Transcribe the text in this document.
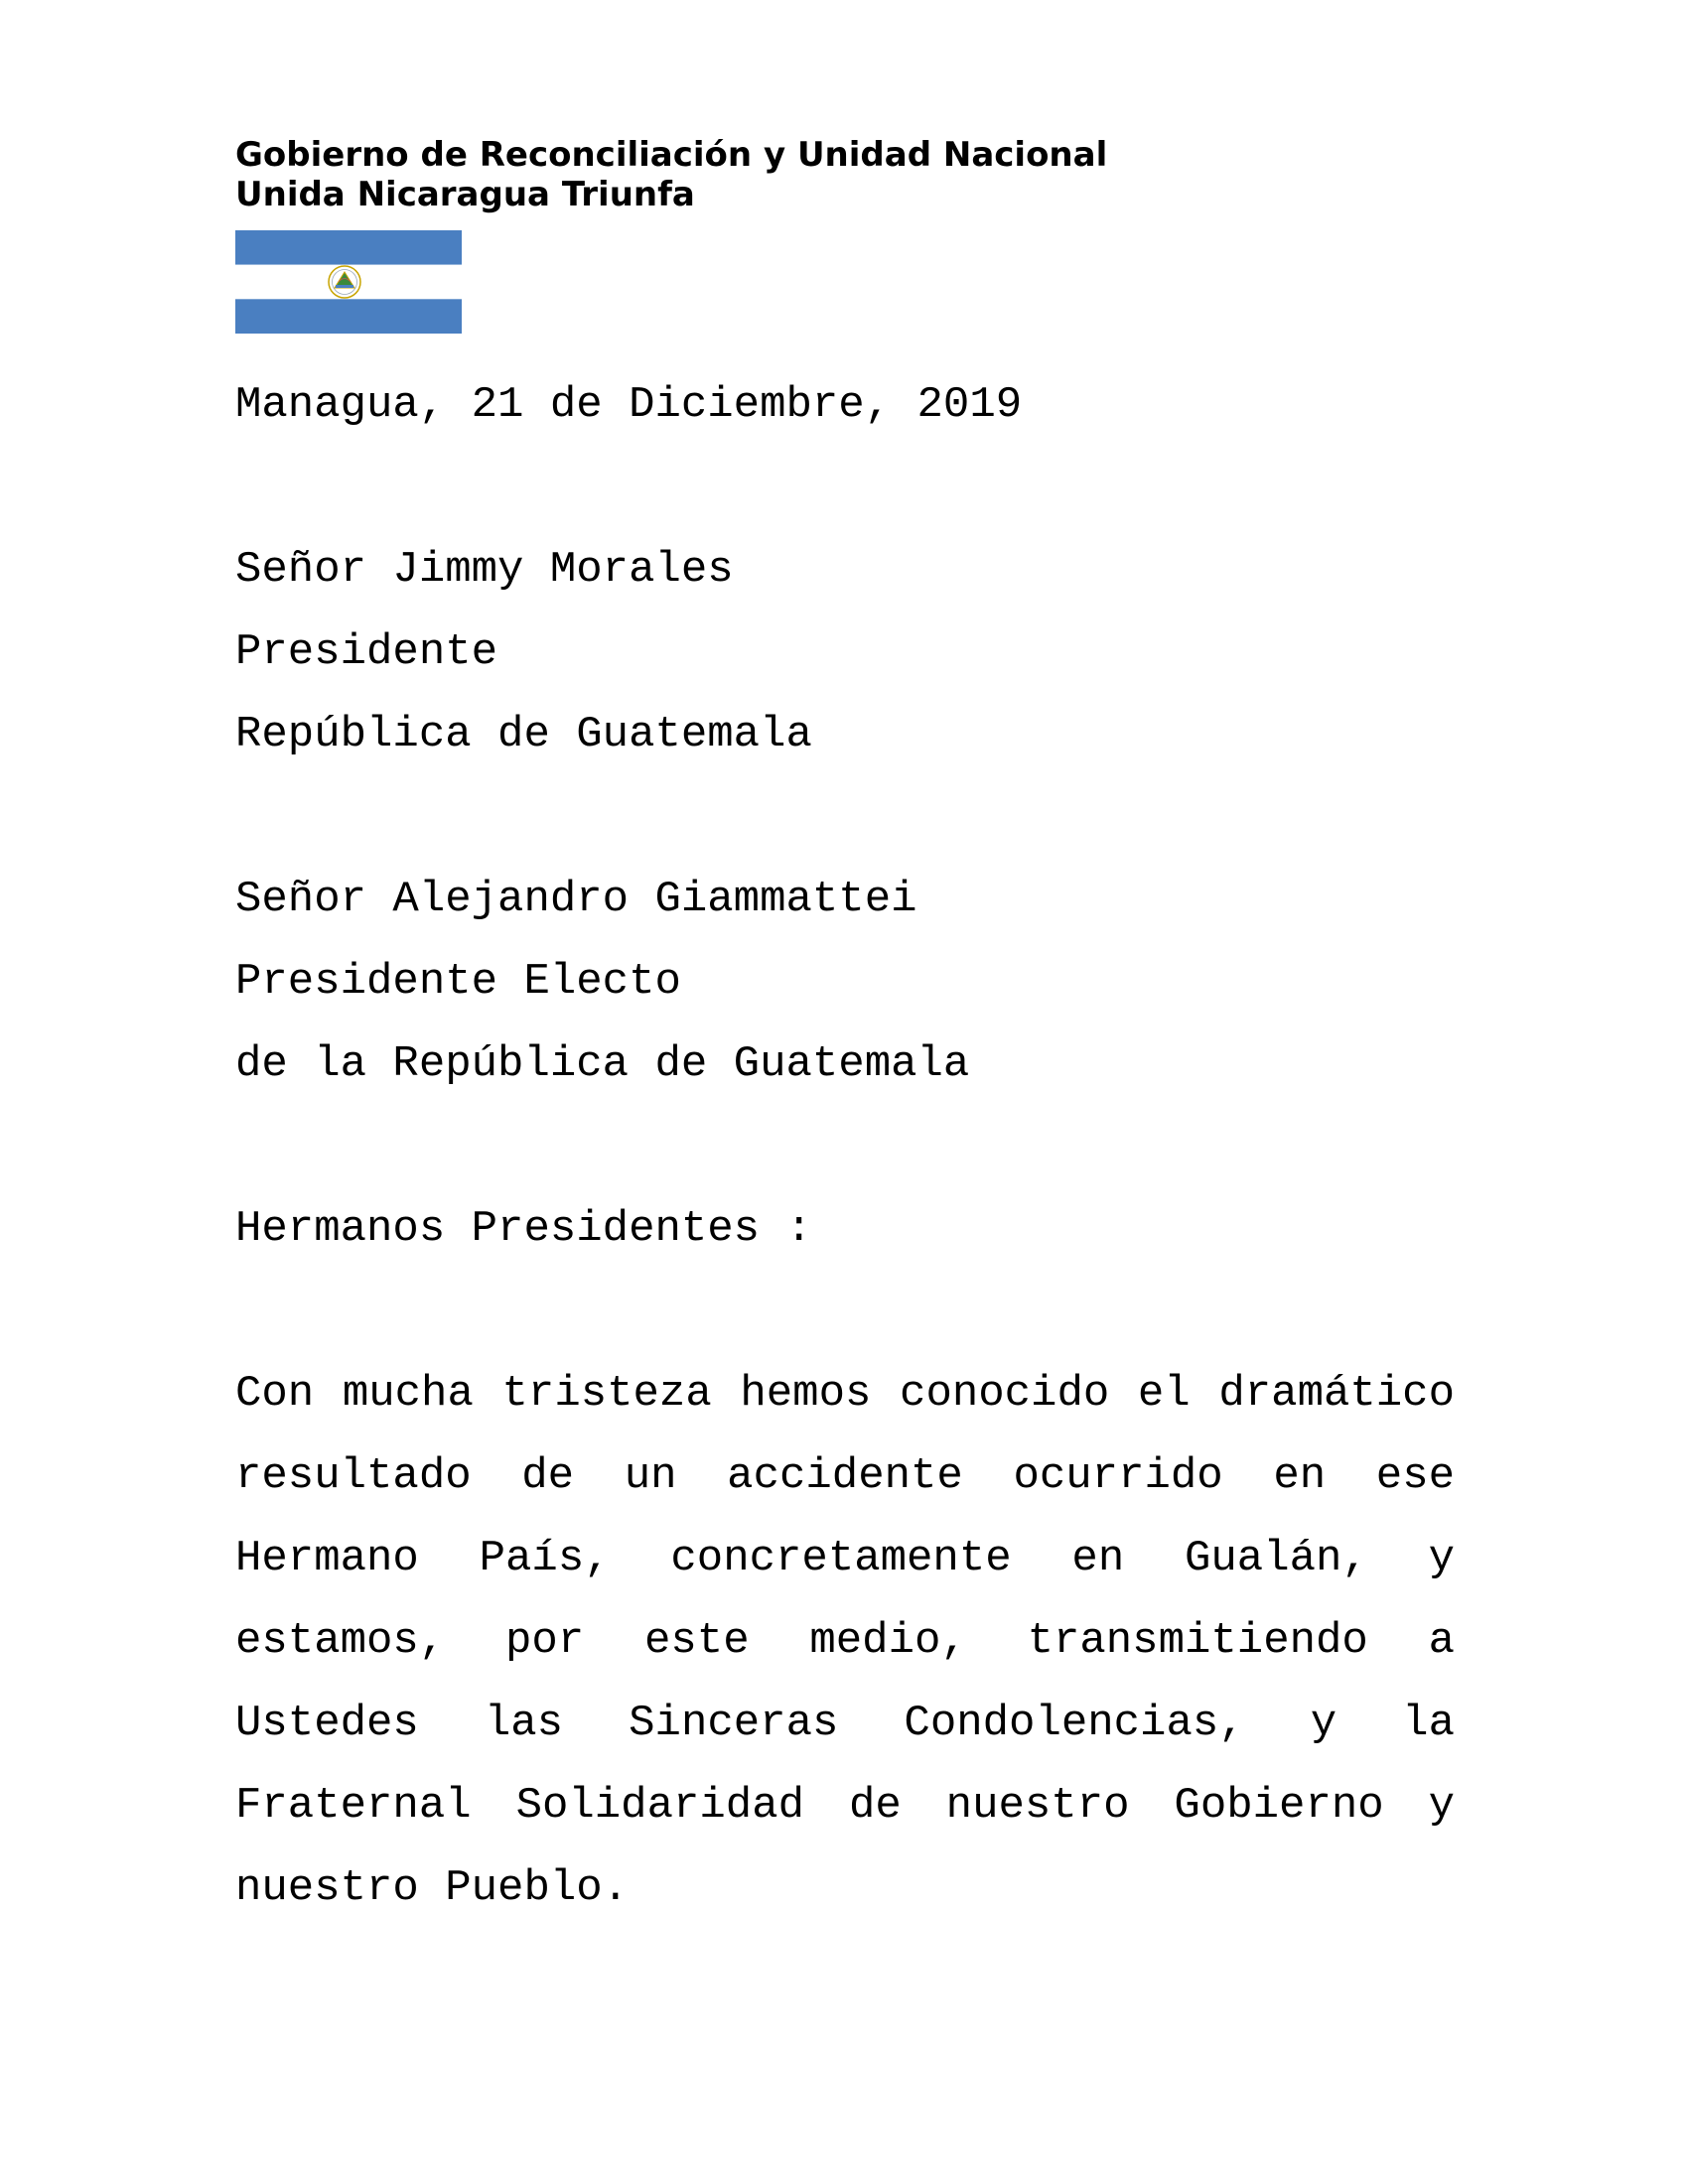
Gobierno de Reconciliación y Unidad Nacional
Unida Nicaragua Triunfa
Managua, 21 de Diciembre, 2019
Señor Jimmy Morales
Presidente
República de Guatemala
Señor Alejandro Giammattei
Presidente Electo
de la República de Guatemala
Hermanos Presidentes :
Con mucha tristeza hemos conocido el dramático resultado de un accidente ocurrido en ese Hermano País, concretamente en Gualán, y estamos, por este medio, transmitiendo a Ustedes las Sinceras Condolencias, y la Fraternal Solidaridad de nuestro Gobierno y nuestro Pueblo.
